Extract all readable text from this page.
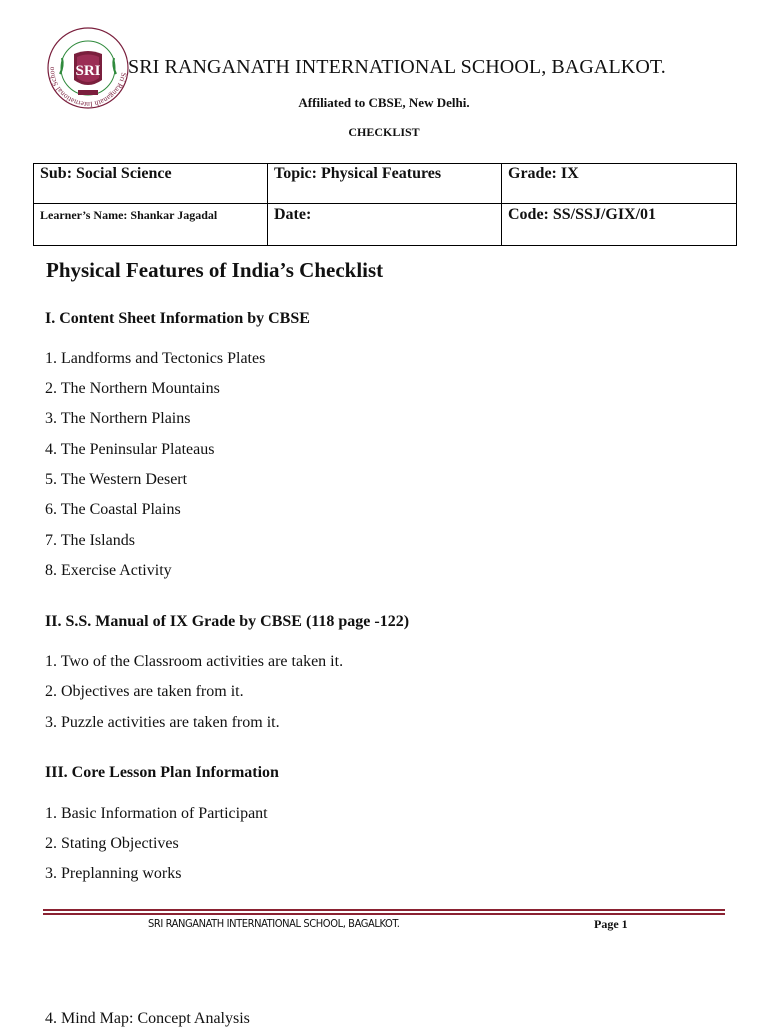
Sri Ranganath International Schoo	SRI SRI RANGANATH INTERNATIONAL SCHOOL, BAGALKOT.
Affiliated to CBSE, New Delhi.
CHECKLIST
Sub: Social Science	Topic: Physical Features	Grade: IX
Learner’s Name: Shankar Jagadal	Date:	Code: SS/SSJ/GIX/01
Physical Features of India’s Checklist
I. Content Sheet Information by CBSE
1. Landforms and Tectonics Plates
2. The Northern Mountains
3. The Northern Plains
4. The Peninsular Plateaus
5. The Western Desert
6. The Coastal Plains
7. The Islands
8. Exercise Activity
II. S.S. Manual of IX Grade by CBSE (118 page -122)
1. Two of the Classroom activities are taken it.
2. Objectives are taken from it.
3. Puzzle activities are taken from it.
III. Core Lesson Plan Information
1. Basic Information of Participant
2. Stating Objectives
3. Preplanning works
SRI RANGANATH INTERNATIONAL SCHOOL, BAGALKOT.	Page 1
4. Mind Map: Concept Analysis
